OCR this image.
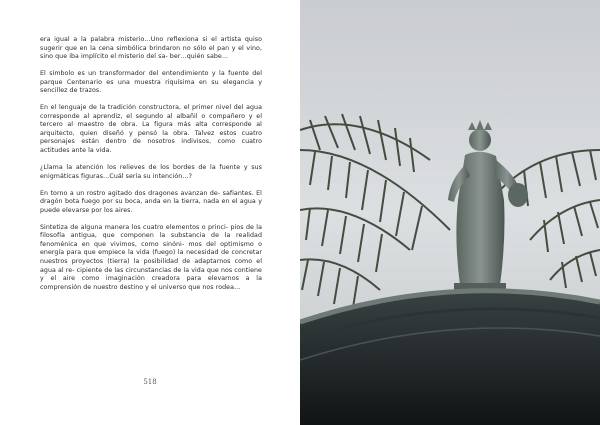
era igual a la palabra misterio…Uno reflexiona si el artista quiso sugerir que en la cena simbólica brindaron no sólo el pan y el vino, sino que iba implícito el misterio del sa- ber…quién sabe…

El símbolo es un transformador del entendimiento y la fuente del parque Centenario es una muestra riquísima en su elegancia y sencillez de trazos.

En el lenguaje de la tradición constructora, el primer nivel del agua corresponde al aprendiz, el segundo al albañil o compañero y el tercero al maestro de obra. La figura más alta corresponde al arquitecto, quien diseñó y pensó la obra. Talvez estos cuatro personajes están dentro de nosotros indivisos, como cuatro actitudes ante la vida.

¿Llama la atención los relieves de los bordes de la fuente y sus enigmáticas figuras…Cuál sería su intención…?

En torno a un rostro agitado dos dragones avanzan de- safiantes. El dragón bota fuego por su boca, anda en la tierra, nada en el agua y puede elevarse por los aires.

Sintetiza de alguna manera los cuatro elementos o princi- pios de la filosofía antigua, que componen la substancia de la realidad fenoménica en que vivimos, como sinóni- mos del optimismo o energía para que empiece la vida (fuego) la necesidad de concretar nuestros proyectos (tierra) la posibilidad de adaptarnos como el agua al re- cipiente de las circunstancias de la vida que nos contiene y el aire como imaginación creadora para elevarnos a la comprensión de nuestro destino y el universo que nos rodea…

518
